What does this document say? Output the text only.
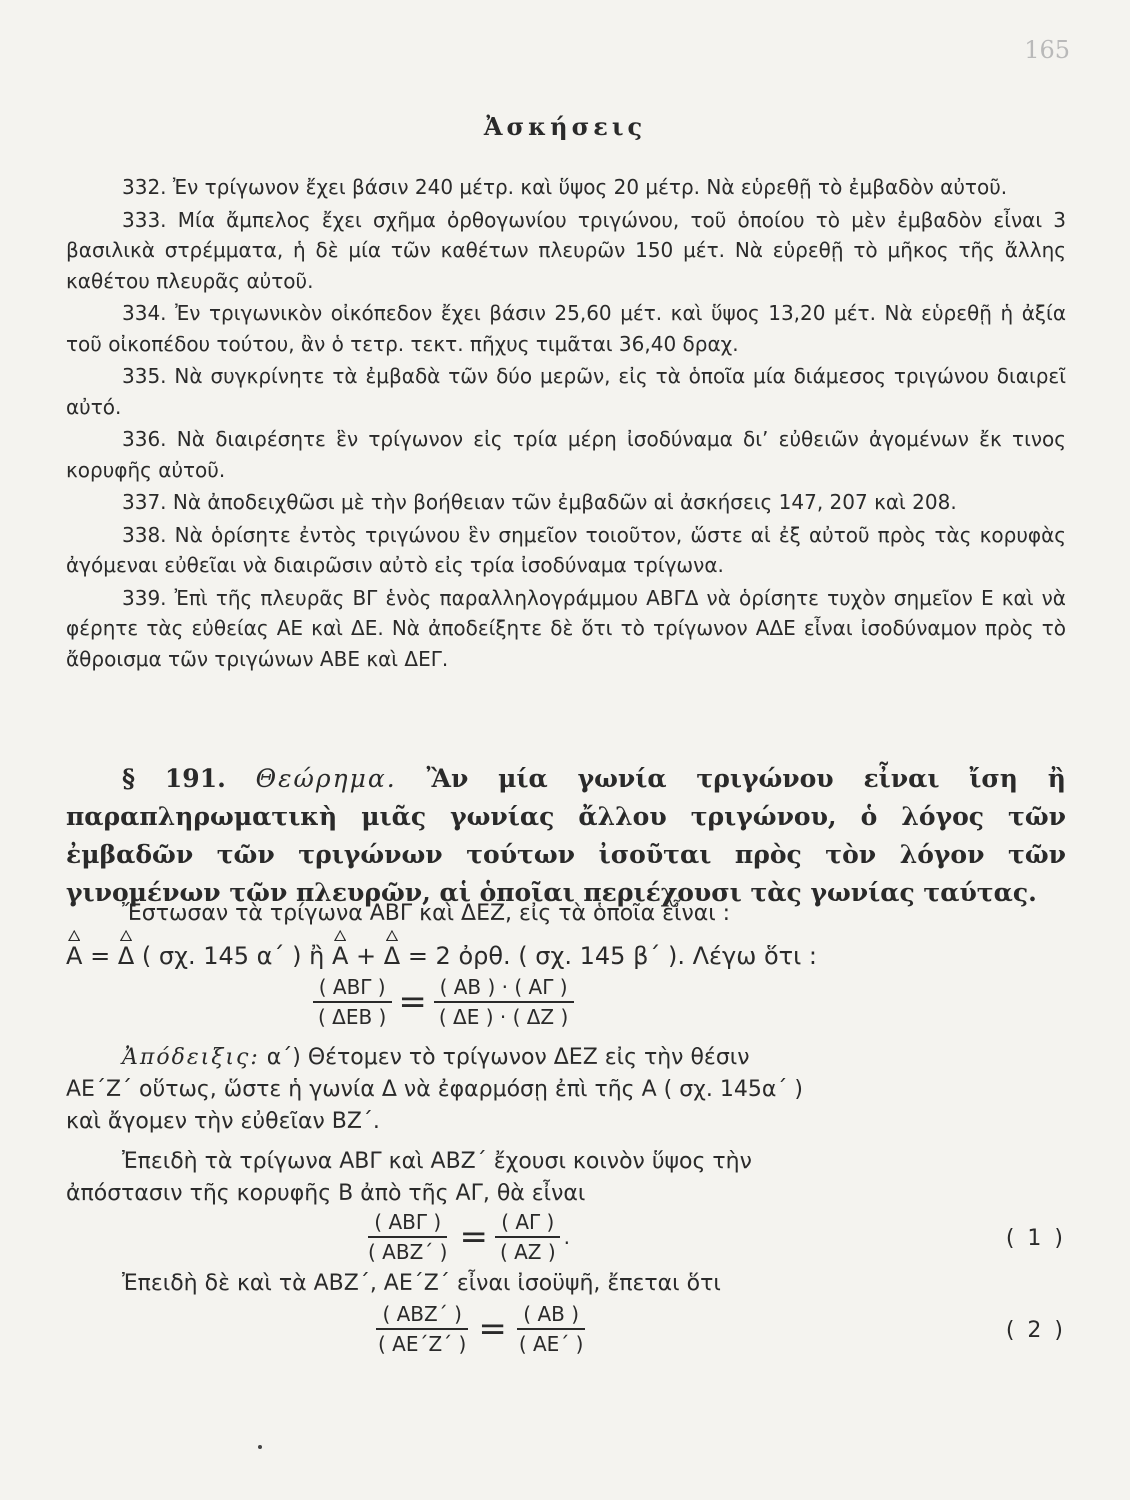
165
Ἀσκήσεις

332. Ἐν τρίγωνον ἔχει βάσιν 240 μέτρ. καὶ ὕψος 20 μέτρ. Νὰ εὑρεθῇ τὸ ἐμβαδὸν αὐτοῦ.

333. Μία ἄμπελος ἔχει σχῆμα ὀρθογωνίου τριγώνου, τοῦ ὁποίου τὸ μὲν ἐμβαδὸν εἶναι 3 βασιλικὰ στρέμματα, ἡ δὲ μία τῶν καθέτων πλευρῶν 150 μέτ. Νὰ εὑρεθῇ τὸ μῆκος τῆς ἄλλης καθέτου πλευρᾶς αὐτοῦ.

334. Ἐν τριγωνικὸν οἰκόπεδον ἔχει βάσιν 25,60 μέτ. καὶ ὕψος 13,20 μέτ. Νὰ εὑρεθῇ ἡ ἀξία τοῦ οἰκοπέδου τούτου, ἂν ὁ τετρ. τεκτ. πῆχυς τιμᾶται 36,40 δραχ.

335. Νὰ συγκρίνητε τὰ ἐμβαδὰ τῶν δύο μερῶν, εἰς τὰ ὁποῖα μία διάμεσος τριγώνου διαιρεῖ αὐτό.

336. Νὰ διαιρέσητε ἓν τρίγωνον εἰς τρία μέρη ἰσοδύναμα δι’ εὐθειῶν ἀγομένων ἔκ τινος κορυφῆς αὐτοῦ.

337. Νὰ ἀποδειχθῶσι μὲ τὴν βοήθειαν τῶν ἐμβαδῶν αἱ ἀσκήσεις 147, 207 καὶ 208.

338. Νὰ ὁρίσητε ἐντὸς τριγώνου ἓν σημεῖον τοιοῦτον, ὥστε αἱ ἐξ αὐτοῦ πρὸς τὰς κορυφὰς ἀγόμεναι εὐθεῖαι νὰ διαιρῶσιν αὐτὸ εἰς τρία ἰσοδύναμα τρίγωνα.

339. Ἐπὶ τῆς πλευρᾶς ΒΓ ἑνὸς παραλληλογράμμου ΑΒΓΔ νὰ ὁρίσητε τυχὸν σημεῖον Ε καὶ νὰ φέρητε τὰς εὐθείας ΑΕ καὶ ΔΕ. Νὰ ἀποδείξητε δὲ ὅτι τὸ τρίγωνον ΑΔΕ εἶναι ἰσοδύναμον πρὸς τὸ ἄθροισμα τῶν τριγώνων ΑΒΕ καὶ ΔΕΓ.

§ 191. Θεώρημα. Ἂν μία γωνία τριγώνου εἶναι ἴση ἢ παραπληρωματικὴ μιᾶς γωνίας ἄλλου τριγώνου, ὁ λόγος τῶν ἐμβαδῶν τῶν τριγώνων τούτων ἰσοῦται πρὸς τὸν λόγον τῶν γινομένων τῶν πλευρῶν, αἱ ὁποῖαι περιέχουσι τὰς γωνίας ταύτας.

Ἔστωσαν τὰ τρίγωνα ΑΒΓ καὶ ΔΕΖ, εἰς τὰ ὁποῖα εἶναι :
Α = Δ ( σχ. 145 α΄ ) ἢ Α + Δ = 2 ὀρθ. ( σχ. 145 β΄ ). Λέγω ὅτι :
$\frac{\text{( ΑΒΓ )}}{\text{( ΔΕΒ )}} = \frac{( AB ) \cdot ( A\Gamma )}{( \Delta E ) \cdot ( \Delta Z )}$
Ἀπόδειξις: α΄) Θέτομεν τὸ τρίγωνον ΔΕΖ εἰς τὴν θέσιν
ΑΕ΄Ζ΄ οὕτως, ὥστε ἡ γωνία Δ νὰ ἐφαρμόσῃ ἐπὶ τῆς Α ( σχ. 145α΄ )
καὶ ἄγομεν τὴν εὐθεῖαν ΒΖ΄.
Ἐπειδὴ τὰ τρίγωνα ΑΒΓ καὶ ΑΒΖ΄ ἔχουσι κοινὸν ὕψος τὴν
ἀπόστασιν τῆς κορυφῆς Β ἀπὸ τῆς ΑΓ, θὰ εἶναι
$\frac{\text{( ΑΒΓ )}}{\text{( ΑΒΖ΄ )}} = \frac{( A\Gamma )}{( AZ )}$ .	( 1 )
Ἐπειδὴ δὲ καὶ τὰ ΑΒΖ΄, ΑΕ΄Ζ΄ εἶναι ἰσοϋψῆ, ἔπεται ὅτι
$\frac{\text{( ΑΒΖ΄ )}}{( AE΄Z΄ )} = \frac{( AB )}{( AE΄ )}$	( 2 )
